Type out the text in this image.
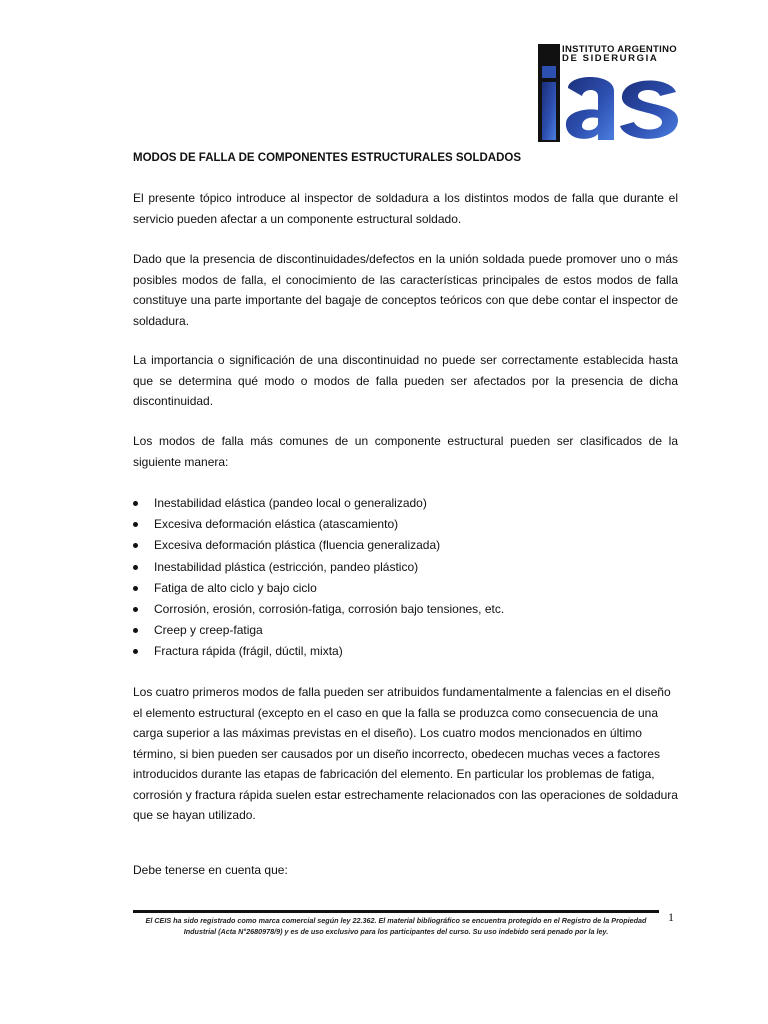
INSTITUTO ARGENTINO
DE SIDERURGIA
MODOS DE FALLA DE COMPONENTES ESTRUCTURALES SOLDADOS

El presente tópico introduce al inspector de soldadura a los distintos modos de falla que durante el servicio pueden afectar a un componente estructural soldado.

Dado que la presencia de discontinuidades/defectos en la unión soldada puede promover uno o más posibles modos de falla, el conocimiento de las características principales de estos modos de falla constituye una parte importante del bagaje de conceptos teóricos con que debe contar el inspector de soldadura.

La importancia o significación de una discontinuidad no puede ser correctamente establecida hasta que se determina qué modo o modos de falla pueden ser afectados por la presencia de dicha discontinuidad.

Los modos de falla más comunes de un componente estructural pueden ser clasificados de la siguiente manera:

Inestabilidad elástica (pandeo local o generalizado)
Excesiva deformación elástica (atascamiento)
Excesiva deformación plástica (fluencia generalizada)
Inestabilidad plástica (estricción, pandeo plástico)
Fatiga de alto ciclo y bajo ciclo
Corrosión, erosión, corrosión-fatiga, corrosión bajo tensiones, etc.
Creep y creep-fatiga
Fractura rápida (frágil, dúctil, mixta)

Los cuatro primeros modos de falla pueden ser atribuidos fundamentalmente a falencias en el diseño el elemento estructural (excepto en el caso en que la falla se produzca como consecuencia de una carga superior a las máximas previstas en el diseño). Los cuatro modos mencionados en último término, si bien pueden ser causados por un diseño incorrecto, obedecen muchas veces a factores introducidos durante las etapas de fabricación del elemento. En particular los problemas de fatiga, corrosión y fractura rápida suelen estar estrechamente relacionados con las operaciones de soldadura que se hayan utilizado.

Debe tenerse en cuenta que:

El CEIS ha sido registrado como marca comercial según ley 22.362. El material bibliográfico se encuentra protegido en el Registro de la Propiedad
Industrial (Acta N°2680978/9) y es de uso exclusivo para los participantes del curso. Su uso indebido será penado por la ley.
1
